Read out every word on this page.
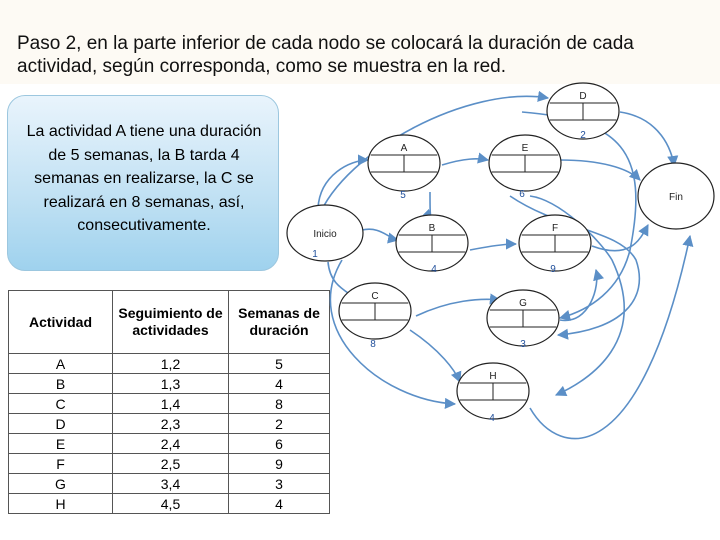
Paso 2, en la parte inferior de cada nodo se colocará la duración de cada actividad, según corresponda, como se muestra en la red.
La actividad A tiene una duración de 5 semanas, la B tarda 4 semanas en realizarse, la C se realizará en 8 semanas, así, consecutivamente.
Actividad	Seguimiento de actividades	Semanas de duración
A	1,2	5
B	1,3	4
C	1,4	8
D	2,3	2
E	2,4	6
F	2,5	9
G	3,4	3
H	4,5	4
Inicio
1
A
5
B
4
C
8
D
2
E
6
F
9
G
3
H
4
Fin
